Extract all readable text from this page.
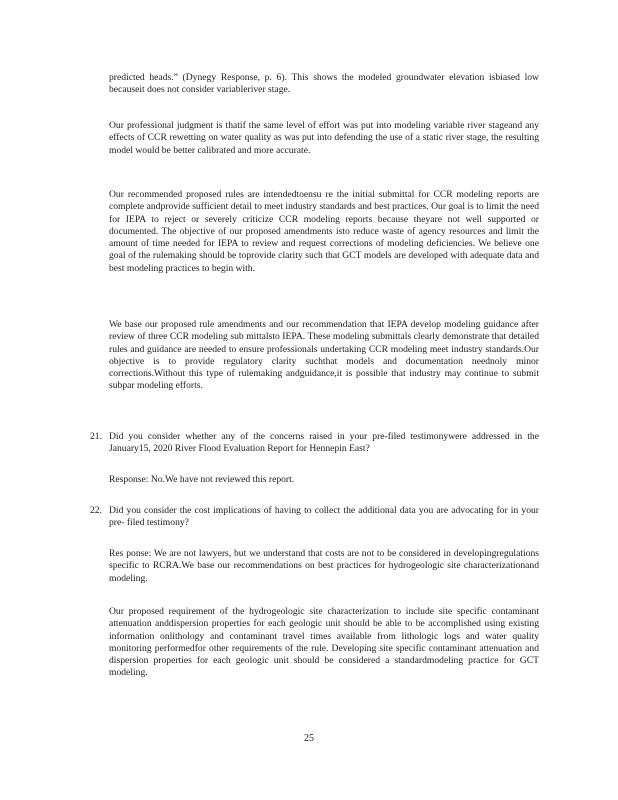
predicted heads.” (Dynegy Response, p. 6). This shows the modeled groundwater elevation isbiased low becauseit does not consider variableriver stage.

Our professional judgment is thatif the same level of effort was put into modeling variable river stageand any effects of CCR rewetting on water quality as was put into defending the use of a static river stage, the resulting model would be better calibrated and more accurate.

Our recommended proposed rules are intendedtoensu re the initial submittal for CCR modeling reports are complete andprovide sufficient detail to meet industry standards and best practices. Our goal is to limit the need for IEPA to reject or severely criticize CCR modeling reports because theyare not well supported or documented. The objective of our proposed amendments isto reduce waste of agency resources and limit the amount of time needed for IEPA to review and request corrections of modeling deficiencies. We believe one goal of the rulemaking should be toprovide clarity such that GCT models are developed with adequate data and best modeling practices to begin with.

We base our proposed rule amendments and our recommendation that IEPA develop modeling guidance after review of three CCR modeling sub mittalsto IEPA. These modeling submittals clearly demonstrate that detailed rules and guidance are needed to ensure professionals undertaking CCR modeling meet industry standards.Our objective is to provide regulatory clarity suchthat models and documentation neednoly minor corrections.Without this type of rulemaking andguidance,it is possible that industry may continue to submit subpar modeling efforts.

21. Did you consider whether any of the concerns raised in your pre-filed testimonywere addressed in the January15, 2020 River Flood Evaluation Report for Hennepin East?

Response: No.We have not reviewed this report.

22. Did you consider the cost implications of having to collect the additional data you are advocating for in your pre- filed testimony?

Res ponse: We are not lawyers, but we understand that costs are not to be considered in developingregulations specific to RCRA.We base our recommendations on best practices for hydrogeologic site characterizationand modeling.

Our proposed requirement of the hydrogeologic site characterization to include site specific contaminant attenuation anddispersion properties for each geologic unit should be able to be accomplished using existing information onlithology and contaminant travel times available from lithologic logs and water quality monitoring performedfor other requirements of the rule. Developing site specific contaminant attenuation and dispersion properties for each geologic unit should be considered a standardmodeling practice for GCT modeling.

25
